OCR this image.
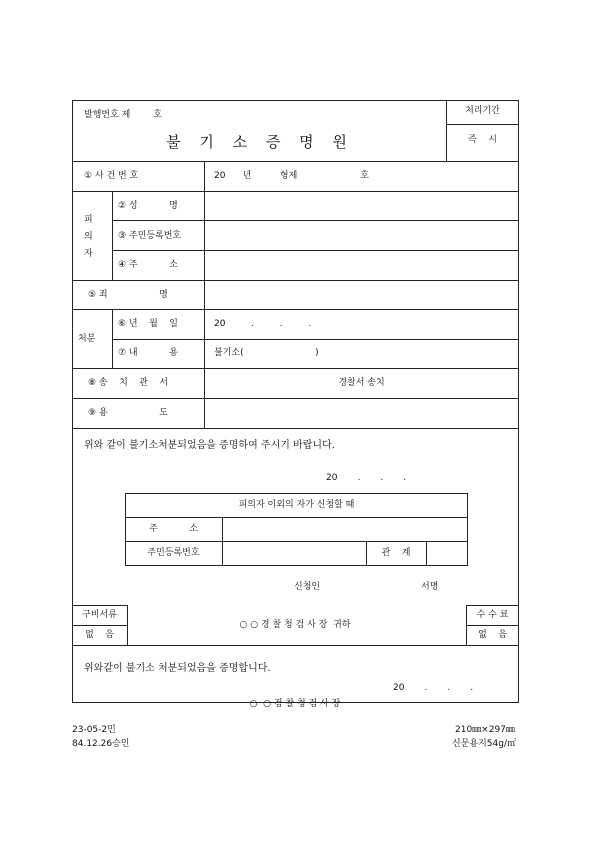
발행번호 제        호
불 기 소 증 명 원
처리기간
즉    시
① 사 건 번 호	20      년          형제                      호
피
의
자
② 성           명
③ 주민등록번호
④ 주           소
⑤ 죄                  명
처분
⑥ 년    월    일	20         .         .         .
⑦ 내           용	불기소(                         )
⑧ 송    치    관    서	경찰서 송치
⑨ 용                  도
위와 같이 불기소처분되었음을 증명하여 주시기 바랍니다.
20       .       .       .
피의자 이외의 자가 신청할 때
주           소
주민등록번호	관    계
신청인	서명
구비서류
없    음
○ ○ 경 찰 청 검 사 장  귀하
수 수 료
없    음
위와같이 불기소 처분되었음을 증명합니다.
20       .       .       .
○  ○ 검 찰 청 검 사 장
23-05-2민
84.12.26승인
210㎜×297㎜
신문용지54g/㎡
